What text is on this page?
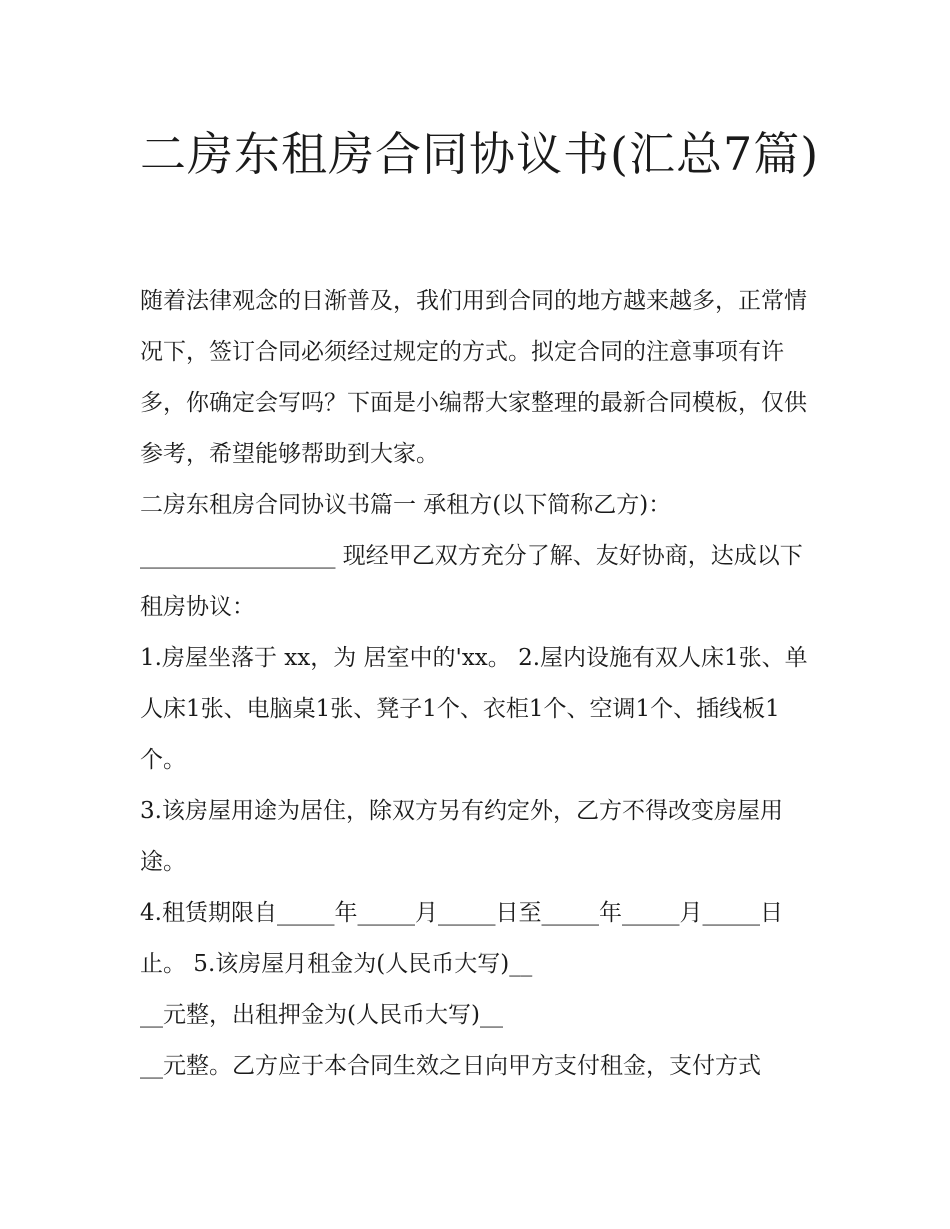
二房东租房合同协议书(汇总7篇)

随着法律观念的日渐普及，我们用到合同的地方越来越多，正常情况下，签订合同必须经过规定的方式。拟定合同的注意事项有许多，你确定会写吗？下面是小编帮大家整理的最新合同模板，仅供参考，希望能够帮助到大家。

二房东租房合同协议书篇一 承租方(以下简称乙方)：_________________ 现经甲乙双方充分了解、友好协商，达成以下租房协议：

1.房屋坐落于 xx，为 居室中的'xx。 2.屋内设施有双人床1张、单人床1张、电脑桌1张、凳子1个、衣柜1个、空调1个、插线板1个。

3.该房屋用途为居住，除双方另有约定外，乙方不得改变房屋用途。

4.租赁期限自_____年_____月_____日至_____年_____月_____日止。 5.该房屋月租金为(人民币大写)__

__元整，出租押金为(人民币大写)__

__元整。乙方应于本合同生效之日向甲方支付租金，支付方式
